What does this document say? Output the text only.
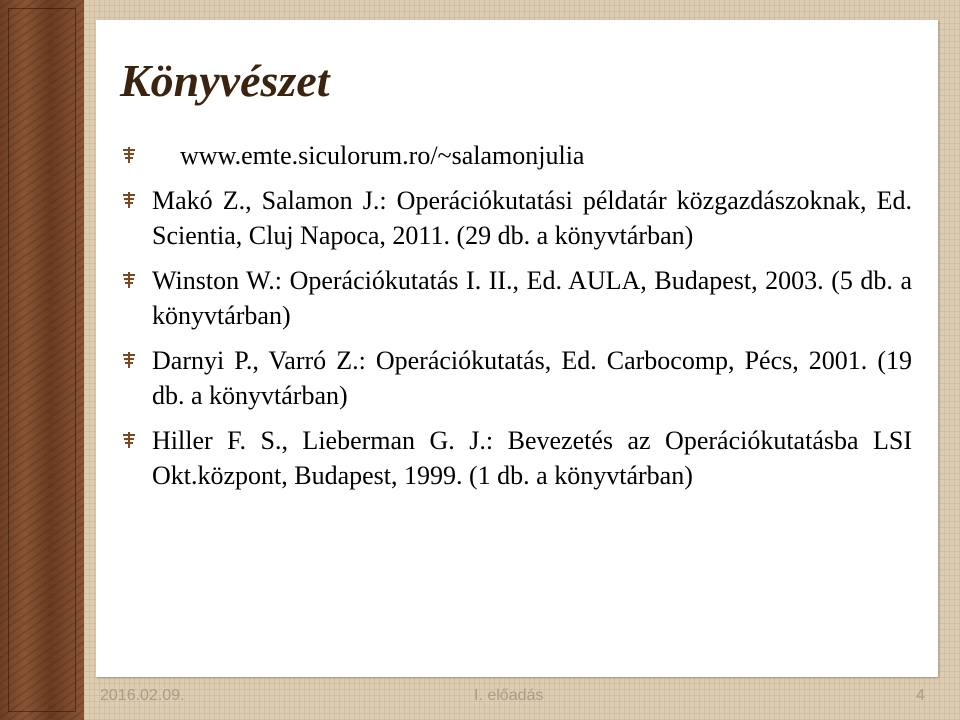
Könyvészet
www.emte.siculorum.ro/~salamonjulia
Makó Z., Salamon J.: Operációkutatási példatár közgazdászoknak, Ed. Scientia, Cluj Napoca, 2011. (29 db. a könyvtárban)
Winston W.: Operációkutatás I. II., Ed. AULA, Budapest, 2003. (5 db. a könyvtárban)
Darnyi P., Varró Z.: Operációkutatás, Ed. Carbocomp, Pécs, 2001. (19 db. a könyvtárban)
Hiller F. S., Lieberman G. J.: Bevezetés az Operációkutatásba LSI Okt.központ, Budapest, 1999. (1 db. a könyvtárban)
2016.02.09.	I. előadás	4
